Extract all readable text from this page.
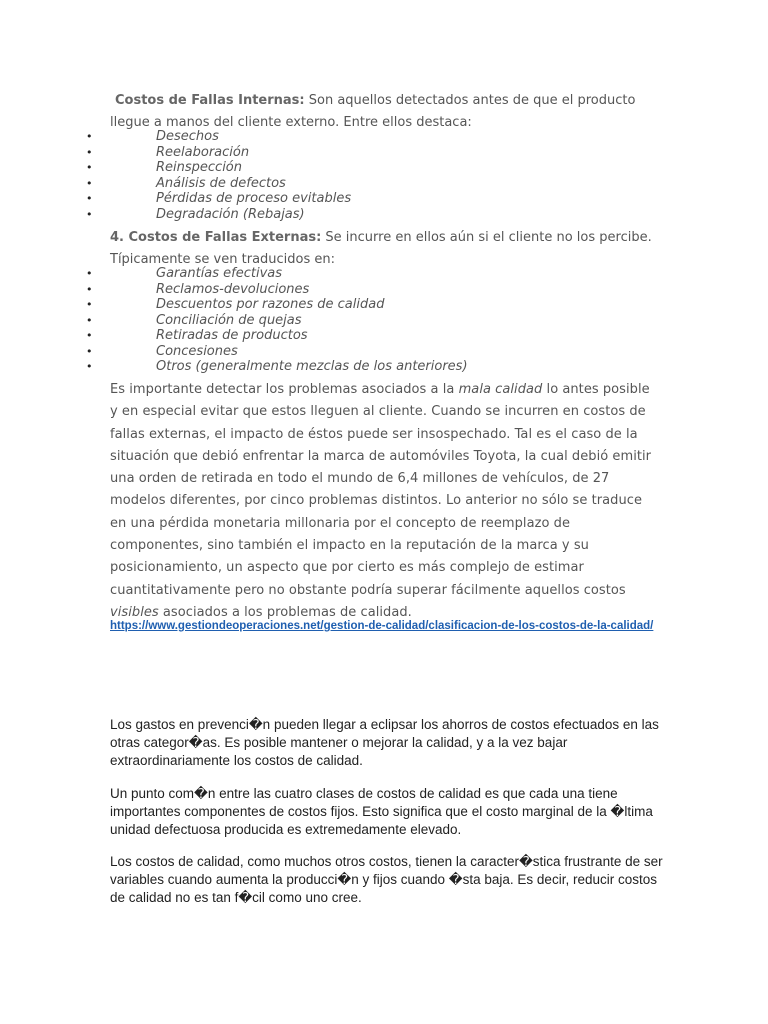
Costos de Fallas Internas: Son aquellos detectados antes de que el producto llegue a manos del cliente externo. Entre ellos destaca:

•	Desechos
•	Reelaboración
•	Reinspección
•	Análisis de defectos
•	Pérdidas de proceso evitables
•	Degradación (Rebajas)

4. Costos de Fallas Externas: Se incurre en ellos aún si el cliente no los percibe. Típicamente se ven traducidos en:

•	Garantías efectivas
•	Reclamos-devoluciones
•	Descuentos por razones de calidad
•	Conciliación de quejas
•	Retiradas de productos
•	Concesiones
•	Otros (generalmente mezclas de los anteriores)

Es importante detectar los problemas asociados a la mala calidad lo antes posible y en especial evitar que estos lleguen al cliente. Cuando se incurren en costos de fallas externas, el impacto de éstos puede ser insospechado. Tal es el caso de la situación que debió enfrentar la marca de automóviles Toyota, la cual debió emitir una orden de retirada en todo el mundo de 6,4 millones de vehículos, de 27 modelos diferentes, por cinco problemas distintos. Lo anterior no sólo se traduce en una pérdida monetaria millonaria por el concepto de reemplazo de componentes, sino también el impacto en la reputación de la marca y su posicionamiento, un aspecto que por cierto es más complejo de estimar cuantitativamente pero no obstante podría superar fácilmente aquellos costos visibles asociados a los problemas de calidad.

https://www.gestiondeoperaciones.net/gestion-de-calidad/clasificacion-de-los-costos-de-la-calidad/

Los gastos en prevenci�n pueden llegar a eclipsar los ahorros de costos efectuados en las otras categor�as. Es posible mantener o mejorar la calidad, y a la vez bajar extraordinariamente los costos de calidad.

Un punto com�n entre las cuatro clases de costos de calidad es que cada una tiene importantes componentes de costos fijos. Esto significa que el costo marginal de la �ltima unidad defectuosa producida es extremedamente elevado.

Los costos de calidad, como muchos otros costos, tienen la caracter�stica frustrante de ser variables cuando aumenta la producci�n y fijos cuando �sta baja. Es decir, reducir costos de calidad no es tan f�cil como uno cree.
